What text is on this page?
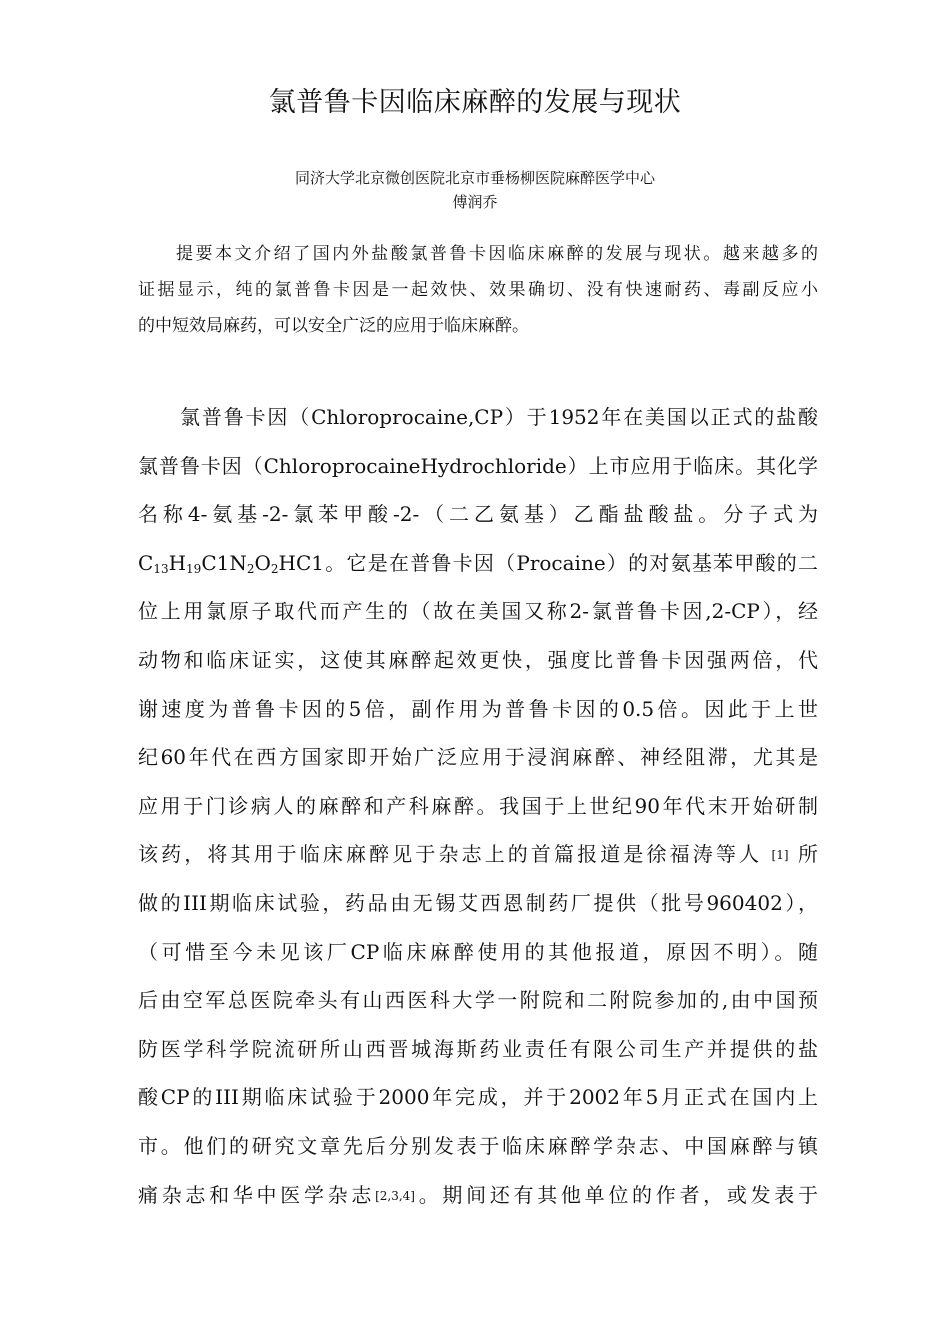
氯普鲁卡因临床麻醉的发展与现状
同济大学北京微创医院北京市垂杨柳医院麻醉医学中心
傅润乔
提要本文介绍了国内外盐酸氯普鲁卡因临床麻醉的发展与现状。越来越多的
证据显示，纯的氯普鲁卡因是一起效快、效果确切、没有快速耐药、毒副反应小
的中短效局麻药，可以安全广泛的应用于临床麻醉。
氯普鲁卡因（Chloroprocaine,CP）于1952年在美国以正式的盐酸
氯普鲁卡因（ChloroprocaineHydrochloride）上市应用于临床。其化学
名称4-氨基-2-氯苯甲酸-2-（二乙氨基）乙酯盐酸盐。分子式为
$C_{13}H_{19}C1N_2O_2HC1$。它是在普鲁卡因（Procaine）的对氨基苯甲酸的二
位上用氯原子取代而产生的（故在美国又称2-氯普鲁卡因,2-CP），经
动物和临床证实，这使其麻醉起效更快，强度比普鲁卡因强两倍，代
谢速度为普鲁卡因的5倍，副作用为普鲁卡因的0.5倍。因此于上世
纪60年代在西方国家即开始广泛应用于浸润麻醉、神经阻滞，尤其是
应用于门诊病人的麻醉和产科麻醉。我国于上世纪90年代末开始研制
该药，将其用于临床麻醉见于杂志上的首篇报道是徐福涛等人 [1] 所
做的III期临床试验，药品由无锡艾西恩制药厂提供（批号960402），
（可惜至今未见该厂CP临床麻醉使用的其他报道，原因不明）。随
后由空军总医院牵头有山西医科大学一附院和二附院参加的,由中国预
防医学科学院流研所山西晋城海斯药业责任有限公司生产并提供的盐
酸CP的III期临床试验于2000年完成，并于2002年5月正式在国内上
市。他们的研究文章先后分别发表于临床麻醉学杂志、中国麻醉与镇
痛杂志和华中医学杂志[2,3,4]。期间还有其他单位的作者，或发表于
